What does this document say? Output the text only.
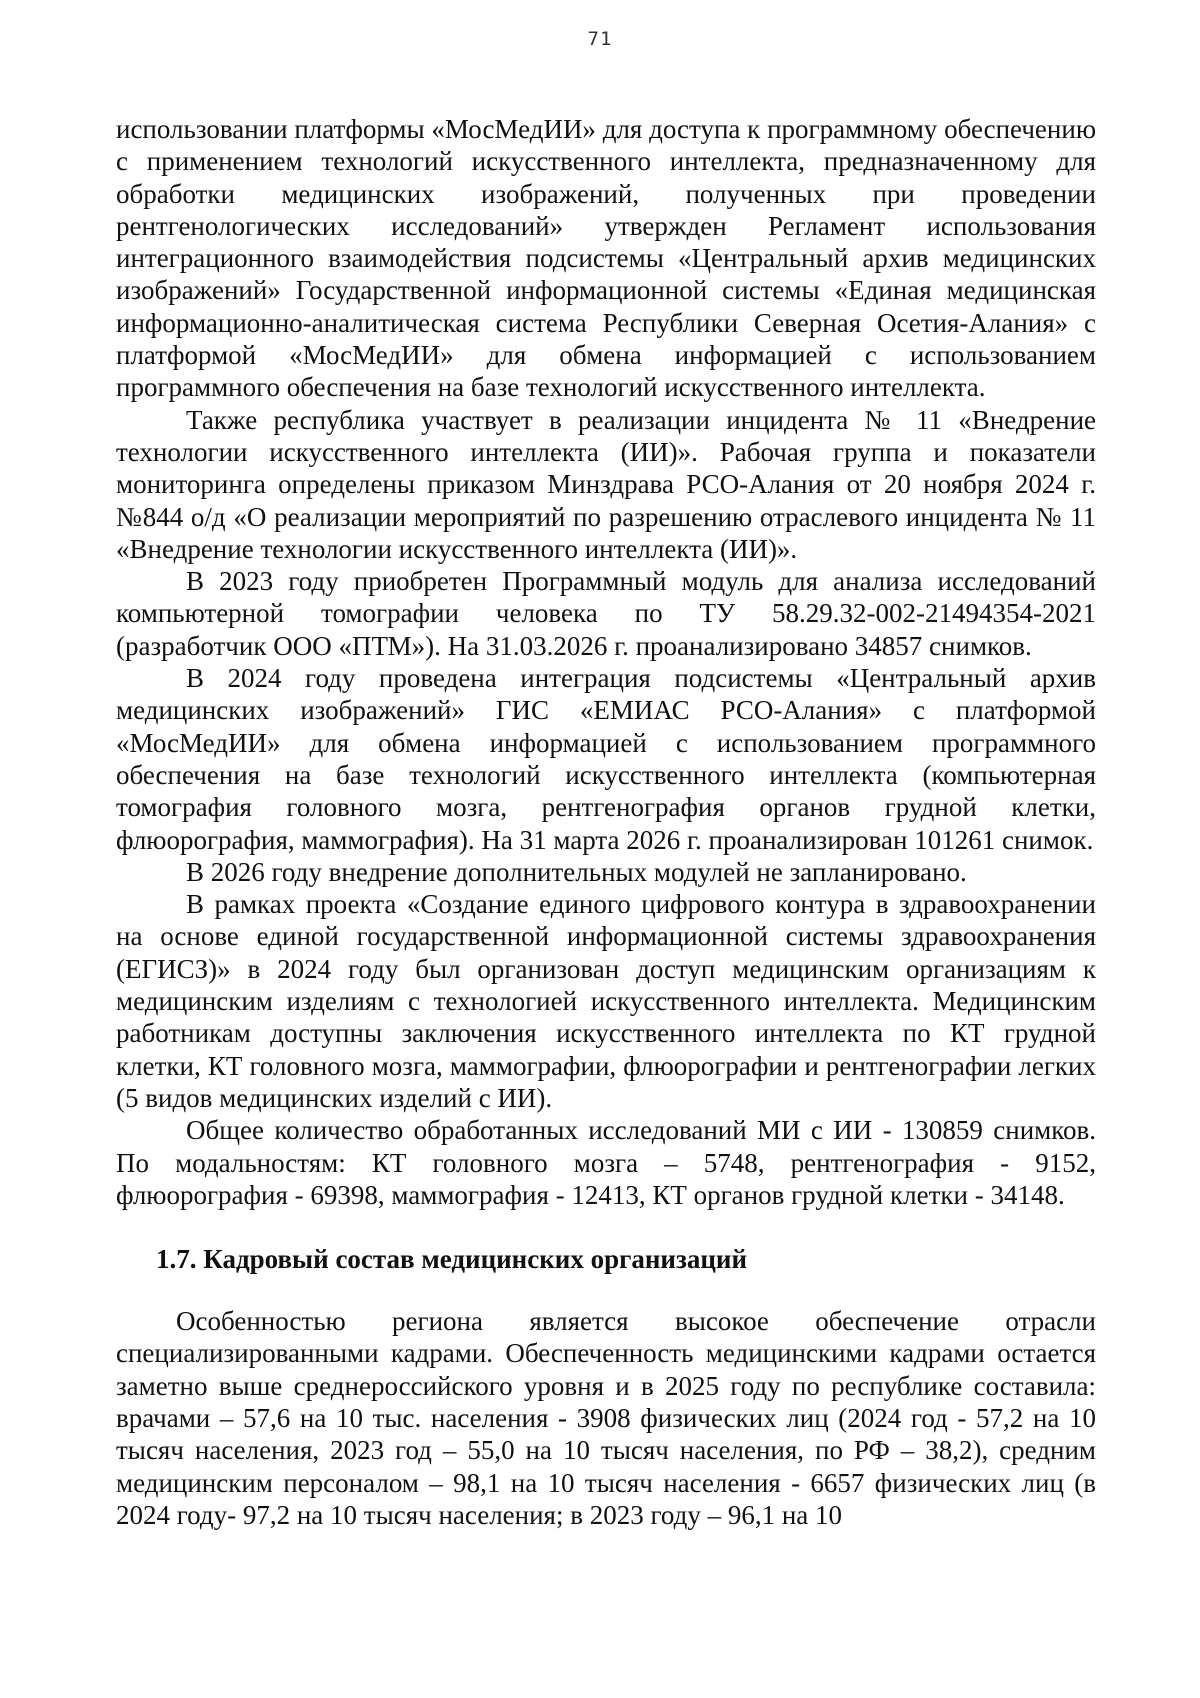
71

использовании платформы «МосМедИИ» для доступа к программному обеспечению с применением технологий искусственного интеллекта, предназначенному для обработки медицинских изображений, полученных при проведении рентгенологических исследований» утвержден Регламент использования интеграционного взаимодействия подсистемы «Центральный архив медицинских изображений» Государственной информационной системы «Единая медицинская информационно-аналитическая система Республики Северная Осетия-Алания» с платформой «МосМедИИ» для обмена информацией с использованием программного обеспечения на базе технологий искусственного интеллекта.

Также республика участвует в реализации инцидента № 11 «Внедрение технологии искусственного интеллекта (ИИ)». Рабочая группа и показатели мониторинга определены приказом Минздрава РСО-Алания от 20 ноября 2024 г. №844 о/д «О реализации мероприятий по разрешению отраслевого инцидента № 11 «Внедрение технологии искусственного интеллекта (ИИ)».

В 2023 году приобретен Программный модуль для анализа исследований компьютерной томографии человека по ТУ 58.29.32-002-21494354-2021 (разработчик ООО «ПТМ»). На 31.03.2026 г. проанализировано 34857 снимков.

В 2024 году проведена интеграция подсистемы «Центральный архив медицинских изображений» ГИС «ЕМИАС РСО-Алания» с платформой «МосМедИИ» для обмена информацией с использованием программного обеспечения на базе технологий искусственного интеллекта (компьютерная томография головного мозга, рентгенография органов грудной клетки, флюорография, маммография). На 31 марта 2026 г. проанализирован 101261 снимок.

В 2026 году внедрение дополнительных модулей не запланировано.

В рамках проекта «Создание единого цифрового контура в здравоохранении на основе единой государственной информационной системы здравоохранения (ЕГИСЗ)» в 2024 году был организован доступ медицинским организациям к медицинским изделиям с технологией искусственного интеллекта. Медицинским работникам доступны заключения искусственного интеллекта по КТ грудной клетки, КТ головного мозга, маммографии, флюорографии и рентгенографии легких (5 видов медицинских изделий с ИИ).

Общее количество обработанных исследований МИ с ИИ - 130859 снимков. По модальностям: КТ головного мозга – 5748, рентгенография - 9152, флюорография - 69398, маммография - 12413, КТ органов грудной клетки - 34148.

1.7. Кадровый состав медицинских организаций

Особенностью региона является высокое обеспечение отрасли специализированными кадрами. Обеспеченность медицинскими кадрами остается заметно выше среднероссийского уровня и в 2025 году по республике составила: врачами – 57,6 на 10 тыс. населения - 3908 физических лиц (2024 год - 57,2 на 10 тысяч населения, 2023 год – 55,0 на 10 тысяч населения, по РФ – 38,2), средним медицинским персоналом – 98,1 на 10 тысяч населения - 6657 физических лиц (в 2024 году- 97,2 на 10 тысяч населения; в 2023 году – 96,1 на 10
